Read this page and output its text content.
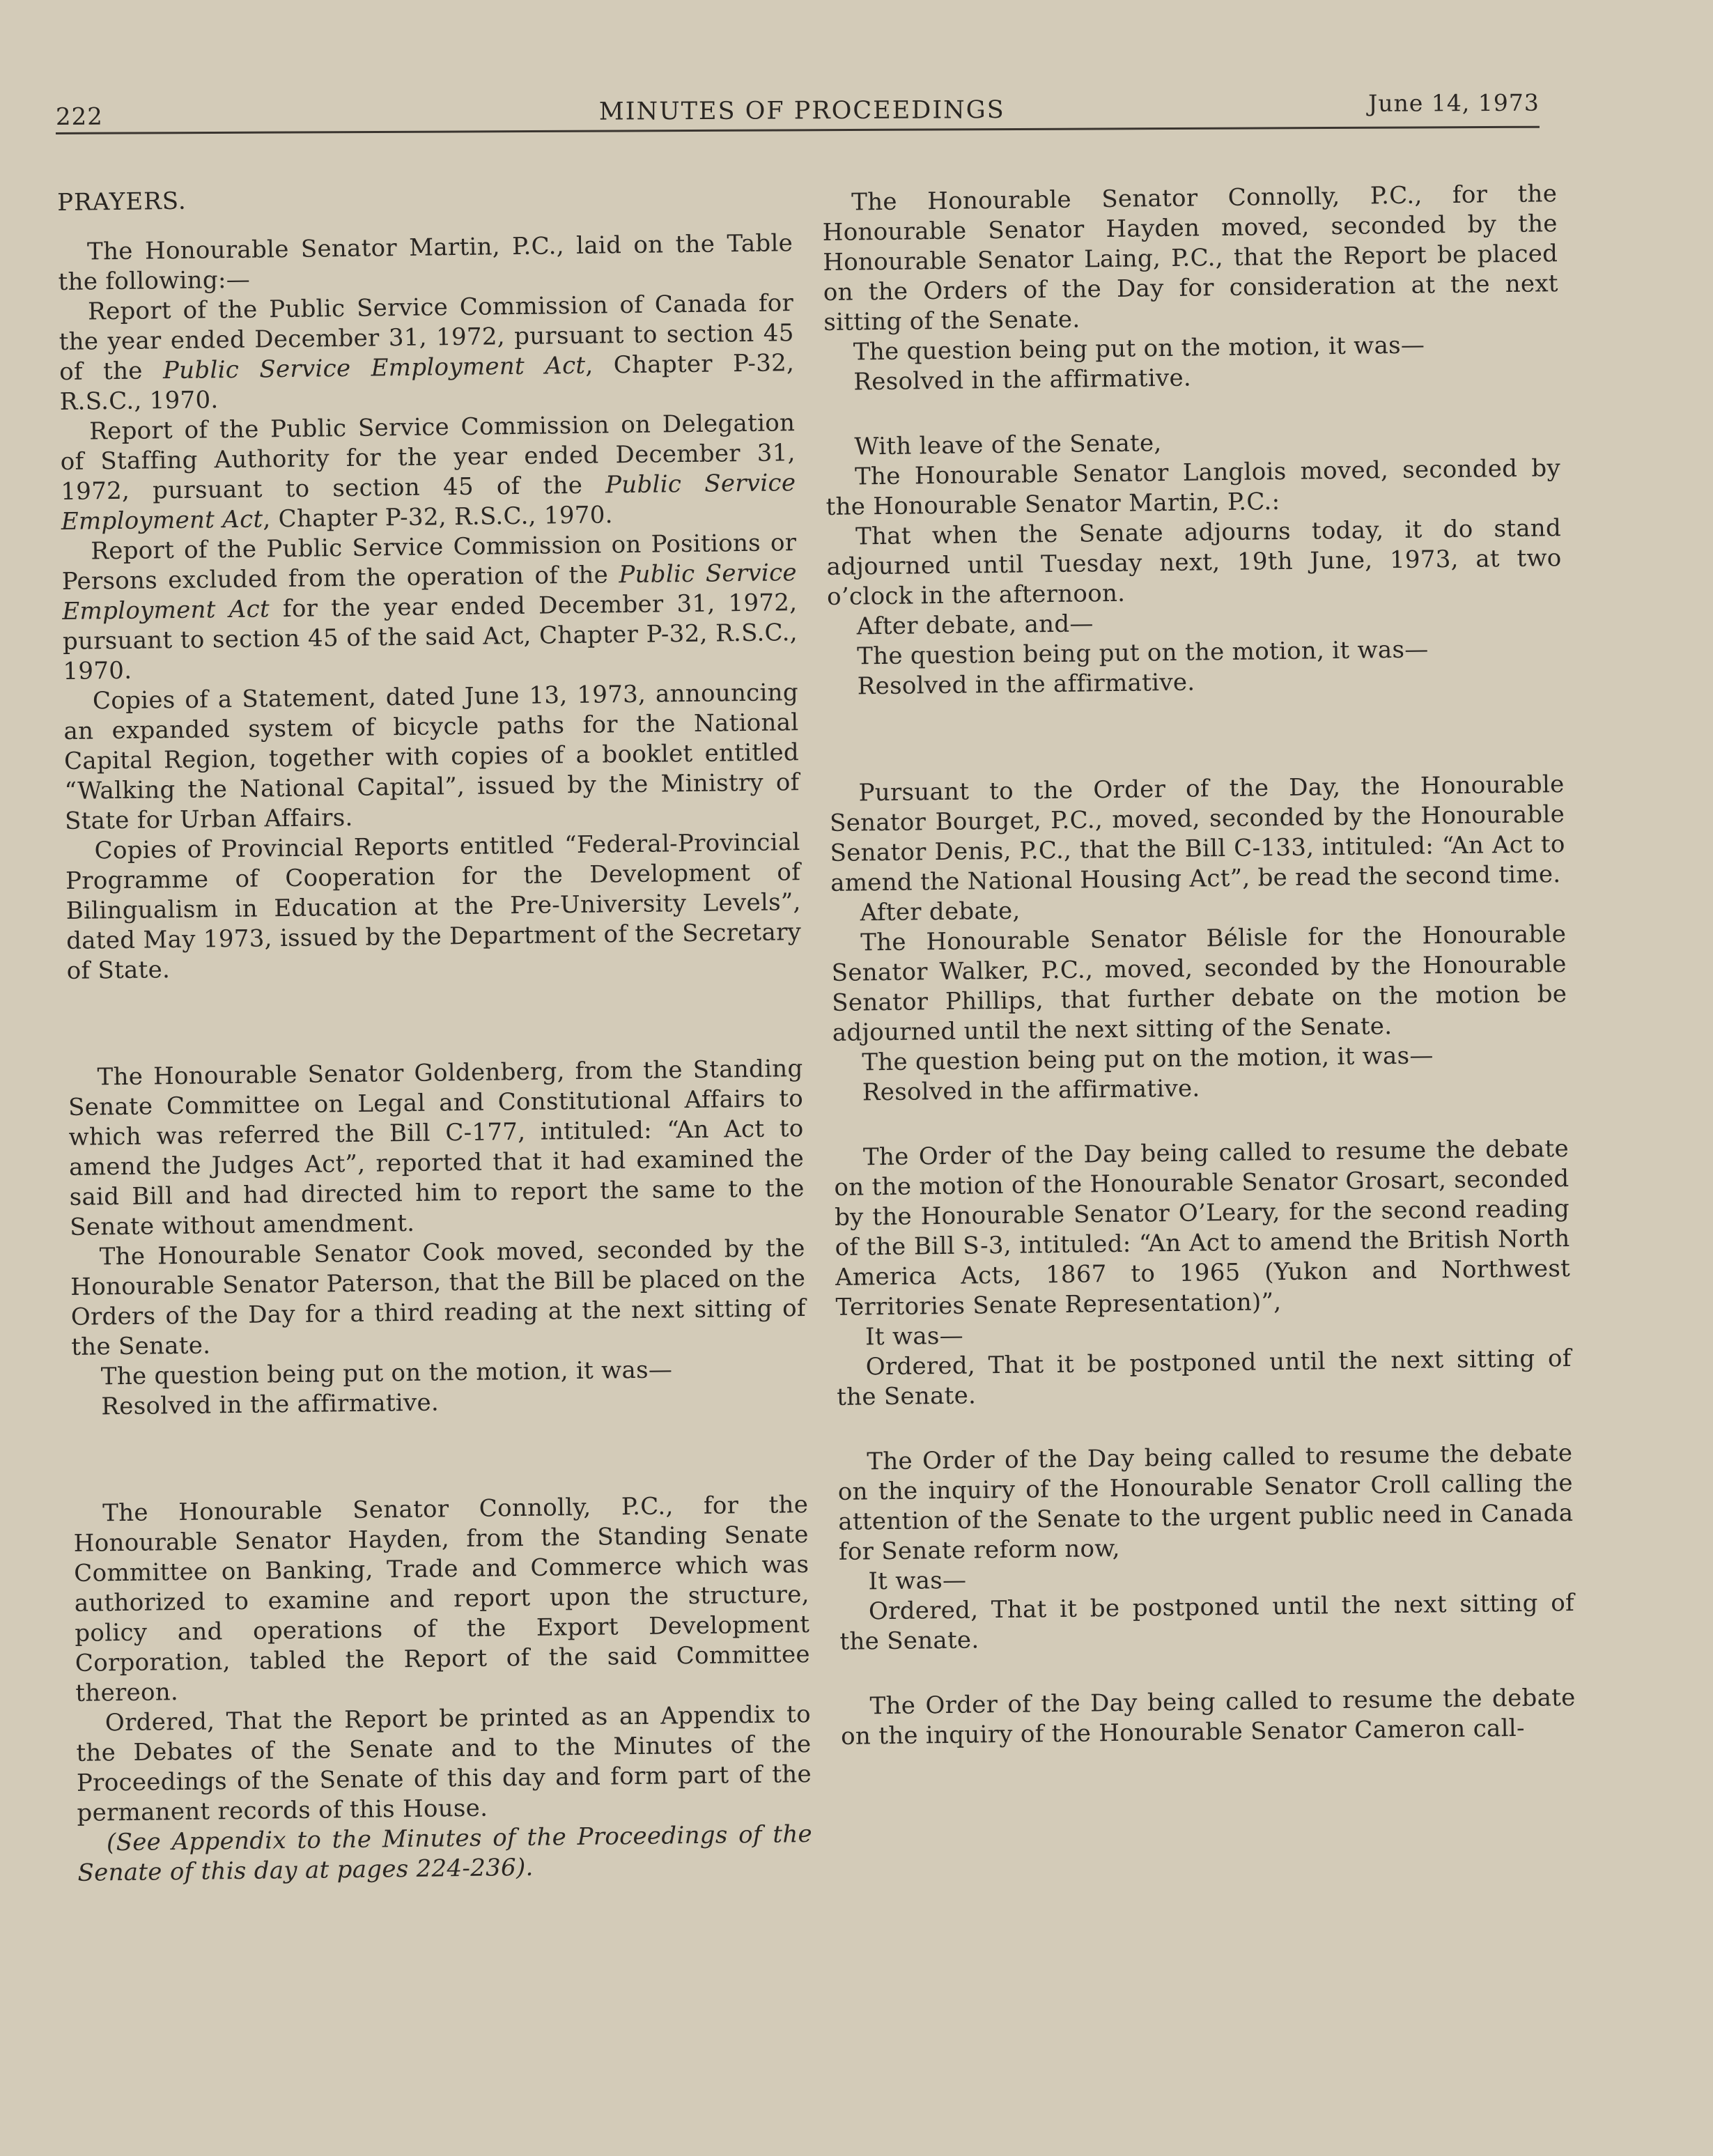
222	MINUTES OF PROCEEDINGS	June 14, 1973

PRAYERS.

The Honourable Senator Martin, P.C., laid on the Table the following:—

Report of the Public Service Commission of Canada for the year ended December 31, 1972, pursuant to section 45 of the Public Service Employment Act, Chapter P-32, R.S.C., 1970.

Report of the Public Service Commission on Delegation of Staffing Authority for the year ended December 31, 1972, pursuant to section 45 of the Public Service Employment Act, Chapter P-32, R.S.C., 1970.

Report of the Public Service Commission on Positions or Persons excluded from the operation of the Public Service Employment Act for the year ended December 31, 1972, pursuant to section 45 of the said Act, Chapter P-32, R.S.C., 1970.

Copies of a Statement, dated June 13, 1973, announcing an expanded system of bicycle paths for the National Capital Region, together with copies of a booklet entitled “Walking the National Capital”, issued by the Ministry of State for Urban Affairs.

Copies of Provincial Reports entitled “Federal-Provincial Programme of Cooperation for the Development of Bilingualism in Education at the Pre-University Levels”, dated May 1973, issued by the Department of the Secretary of State.

The Honourable Senator Goldenberg, from the Standing Senate Committee on Legal and Constitutional Affairs to which was referred the Bill C-177, intituled: “An Act to amend the Judges Act”, reported that it had examined the said Bill and had directed him to report the same to the Senate without amendment.

The Honourable Senator Cook moved, seconded by the Honourable Senator Paterson, that the Bill be placed on the Orders of the Day for a third reading at the next sitting of the Senate.

The question being put on the motion, it was—
Resolved in the affirmative.

The Honourable Senator Connolly, P.C., for the Honourable Senator Hayden, from the Standing Senate Committee on Banking, Trade and Commerce which was authorized to examine and report upon the structure, policy and operations of the Export Development Corporation, tabled the Report of the said Committee thereon.

Ordered, That the Report be printed as an Appendix to the Debates of the Senate and to the Minutes of the Proceedings of the Senate of this day and form part of the permanent records of this House.

(See Appendix to the Minutes of the Proceedings of the Senate of this day at pages 224-236).

The Honourable Senator Connolly, P.C., for the Honourable Senator Hayden moved, seconded by the Honourable Senator Laing, P.C., that the Report be placed on the Orders of the Day for consideration at the next sitting of the Senate.

The question being put on the motion, it was—
Resolved in the affirmative.

With leave of the Senate,
The Honourable Senator Langlois moved, seconded by the Honourable Senator Martin, P.C.:

That when the Senate adjourns today, it do stand adjourned until Tuesday next, 19th June, 1973, at two o’clock in the afternoon.

After debate, and—
The question being put on the motion, it was—
Resolved in the affirmative.

Pursuant to the Order of the Day, the Honourable Senator Bourget, P.C., moved, seconded by the Honourable Senator Denis, P.C., that the Bill C-133, intituled: “An Act to amend the National Housing Act”, be read the second time.

After debate,
The Honourable Senator Bélisle for the Honourable Senator Walker, P.C., moved, seconded by the Honourable Senator Phillips, that further debate on the motion be adjourned until the next sitting of the Senate.

The question being put on the motion, it was—
Resolved in the affirmative.

The Order of the Day being called to resume the debate on the motion of the Honourable Senator Grosart, seconded by the Honourable Senator O’Leary, for the second reading of the Bill S-3, intituled: “An Act to amend the British North America Acts, 1867 to 1965 (Yukon and Northwest Territories Senate Representation)”,

It was—
Ordered, That it be postponed until the next sitting of the Senate.

The Order of the Day being called to resume the debate on the inquiry of the Honourable Senator Croll calling the attention of the Senate to the urgent public need in Canada for Senate reform now,

It was—
Ordered, That it be postponed until the next sitting of the Senate.

The Order of the Day being called to resume the debate on the inquiry of the Honourable Senator Cameron call-
